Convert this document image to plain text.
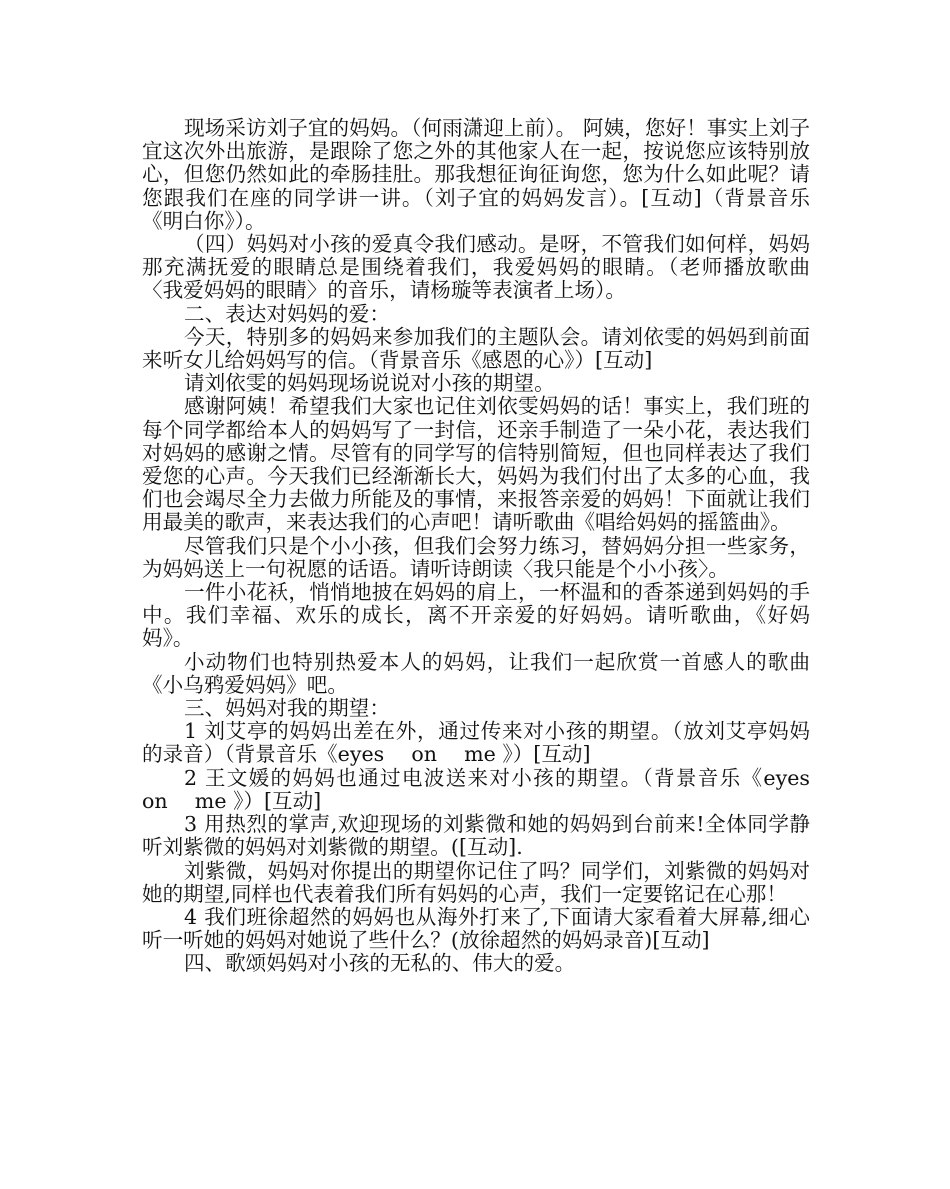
现场采访刘子宜的妈妈。（何雨潇迎上前）。 阿姨，您好！事实上刘子宜这次外出旅游，是跟除了您之外的其他家人在一起，按说您应该特别放心，但您仍然如此的牵肠挂肚。那我想征询征询您，您为什么如此呢？请您跟我们在座的同学讲一讲。（刘子宜的妈妈发言）。[互动]（背景音乐《明白你》）。

（四）妈妈对小孩的爱真令我们感动。是呀，不管我们如何样，妈妈那充满抚爱的眼睛总是围绕着我们，我爱妈妈的眼睛。（老师播放歌曲〈我爱妈妈的眼睛〉的音乐，请杨璇等表演者上场）。

二、表达对妈妈的爱：

今天，特别多的妈妈来参加我们的主题队会。请刘依雯的妈妈到前面来听女儿给妈妈写的信。（背景音乐《感恩的心》）[互动]

请刘依雯的妈妈现场说说对小孩的期望。

感谢阿姨！希望我们大家也记住刘依雯妈妈的话！事实上，我们班的每个同学都给本人的妈妈写了一封信，还亲手制造了一朵小花，表达我们对妈妈的感谢之情。尽管有的同学写的信特别简短，但也同样表达了我们爱您的心声。今天我们已经渐渐长大，妈妈为我们付出了太多的心血，我们也会竭尽全力去做力所能及的事情，来报答亲爱的妈妈！下面就让我们用最美的歌声，来表达我们的心声吧！请听歌曲《唱给妈妈的摇篮曲》。

尽管我们只是个小小孩，但我们会努力练习，替妈妈分担一些家务，为妈妈送上一句祝愿的话语。请听诗朗读〈我只能是个小小孩〉。

一件小花袄，悄悄地披在妈妈的肩上，一杯温和的香茶递到妈妈的手中。我们幸福、欢乐的成长，离不开亲爱的好妈妈。请听歌曲，《好妈妈》。

小动物们也特别热爱本人的妈妈，让我们一起欣赏一首感人的歌曲《小乌鸦爱妈妈》吧。

三、妈妈对我的期望：

1 刘艾亭的妈妈出差在外，通过传来对小孩的期望。（放刘艾亭妈妈的录音）（背景音乐《eyes　 on　 me 》）[互动]

2 王文媛的妈妈也通过电波送来对小孩的期望。（背景音乐《eyes　 on　 me 》）[互动]

3 用热烈的掌声,欢迎现场的刘紫微和她的妈妈到台前来!全体同学静听刘紫微的妈妈对刘紫微的期望。([互动].

刘紫微，妈妈对你提出的期望你记住了吗？同学们，刘紫微的妈妈对她的期望,同样也代表着我们所有妈妈的心声，我们一定要铭记在心那！

4 我们班徐超然的妈妈也从海外打来了,下面请大家看着大屏幕,细心听一听她的妈妈对她说了些什么？(放徐超然的妈妈录音)[互动]

四、歌颂妈妈对小孩的无私的、伟大的爱。
